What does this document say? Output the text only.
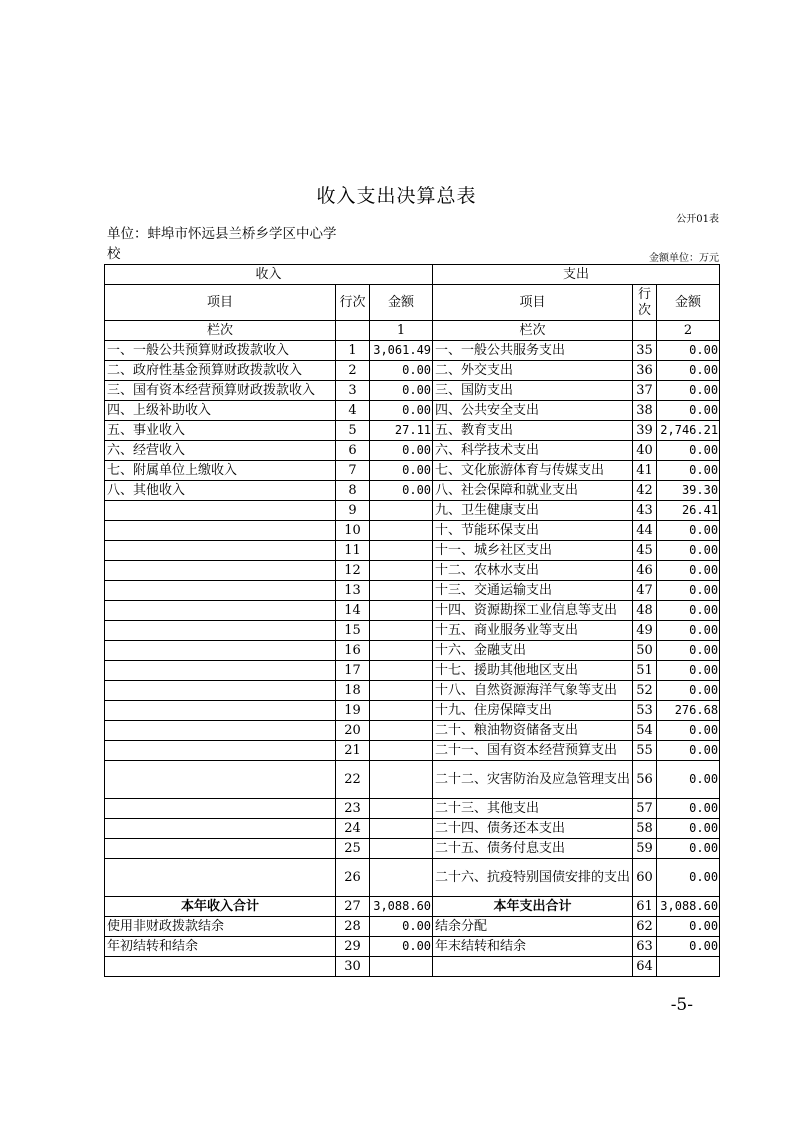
收入支出决算总表
公开01表
单位：蚌埠市怀远县兰桥乡学区中心学校	金额单位：万元
收入			支出		
项目	行次	金额	项目	行次	金额
栏次		1	栏次		2
一、一般公共预算财政拨款收入	1	3,061.49	一、一般公共服务支出	35	0.00
二、政府性基金预算财政拨款收入	2	0.00	二、外交支出	36	0.00
三、国有资本经营预算财政拨款收入	3	0.00	三、国防支出	37	0.00
四、上级补助收入	4	0.00	四、公共安全支出	38	0.00
五、事业收入	5	27.11	五、教育支出	39	2,746.21
六、经营收入	6	0.00	六、科学技术支出	40	0.00
七、附属单位上缴收入	7	0.00	七、文化旅游体育与传媒支出	41	0.00
八、其他收入	8	0.00	八、社会保障和就业支出	42	39.30
	9		九、卫生健康支出	43	26.41
	10		十、节能环保支出	44	0.00
	11		十一、城乡社区支出	45	0.00
	12		十二、农林水支出	46	0.00
	13		十三、交通运输支出	47	0.00
	14		十四、资源勘探工业信息等支出	48	0.00
	15		十五、商业服务业等支出	49	0.00
	16		十六、金融支出	50	0.00
	17		十七、援助其他地区支出	51	0.00
	18		十八、自然资源海洋气象等支出	52	0.00
	19		十九、住房保障支出	53	276.68
	20		二十、粮油物资储备支出	54	0.00
	21		二十一、国有资本经营预算支出	55	0.00
	22		二十二、灾害防治及应急管理支出	56	0.00
	23		二十三、其他支出	57	0.00
	24		二十四、债务还本支出	58	0.00
	25		二十五、债务付息支出	59	0.00
	26		二十六、抗疫特别国债安排的支出	60	0.00
本年收入合计	27	3,088.60	本年支出合计	61	3,088.60
使用非财政拨款结余	28	0.00	结余分配	62	0.00
年初结转和结余	29	0.00	年末结转和结余	63	0.00
	30			64	
-5-
